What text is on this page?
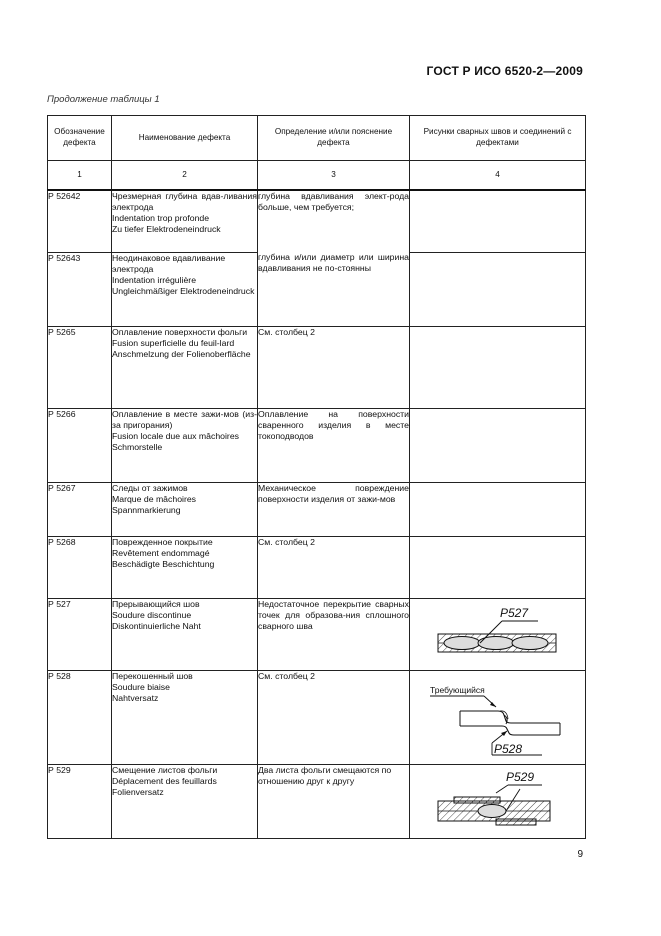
ГОСТ Р ИСО 6520-2—2009
Продолжение таблицы 1
Обозначение дефекта	Наименование дефекта	Определение и/или пояснение дефекта	Рисунки сварных швов и соединений с дефектами
1	2	3	4
Р 52642	Чрезмерная глубина вдав-ливания электрода
Indentation trop profonde
Zu tiefer Elektrodeneindruck	глубина вдавливания элект-рода больше, чем требуется;	
Р 52643	Неодинаковое вдавливание электрода
Indentation irrégulière
Ungleichmäßiger Elektrodeneindruck	глубина и/или диаметр или ширина вдавливания не по-стоянны	
Р 5265	Оплавление поверхности фольги
Fusion superficielle du feuil-lard
Anschmelzung der Folienoberfläche	См. столбец 2	
Р 5266	Оплавление в месте зажи-мов (из-за пригорания)
Fusion locale due aux mâchoires
Schmorstelle	Оплавление на поверхности сваренного изделия в месте токоподводов	
Р 5267	Следы от зажимов
Marque de mâchoires
Spannmarkierung	Механическое повреждение поверхности изделия от зажи-мов	
Р 5268	Поврежденное покрытие
Revêtement endommagé
Beschädigte Beschichtung	См. столбец 2	
Р 527	Прерывающийся шов
Soudure discontinue
Diskontinuierliche Naht	Недостаточное перекрытие сварных точек для образова-ния сплошного сварного шва	Р527

Р 528	Перекошенный шов
Soudure biaise
Nahtversatz	См. столбец 2	Требующийся
Р528

Р 529	Смещение листов фольги
Déplacement des feuillards
Folienversatz	Два листа фольги смещаются по отношению друг к другу	Р529
9
